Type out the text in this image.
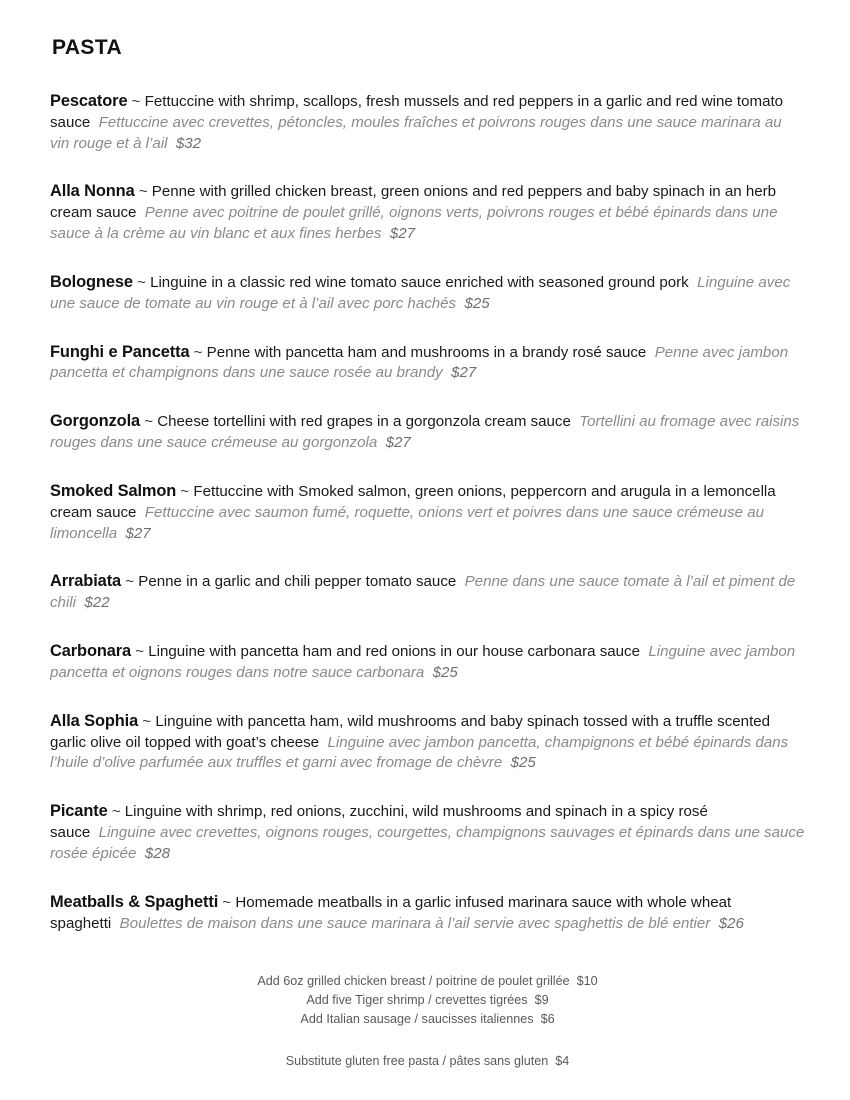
PASTA
Pescatore ~ Fettuccine with shrimp, scallops, fresh mussels and red peppers in a garlic and red wine tomato sauce Fettuccine avec crevettes, pétoncles, moules fraîches et poivrons rouges dans une sauce marinara au vin rouge et à l’ail $32
Alla Nonna ~ Penne with grilled chicken breast, green onions and red peppers and baby spinach in an herb cream sauce Penne avec poitrine de poulet grillé, oignons verts, poivrons rouges et bébé épinards dans une sauce à la crème au vin blanc et aux fines herbes $27
Bolognese ~ Linguine in a classic red wine tomato sauce enriched with seasoned ground pork Linguine avec une sauce de tomate au vin rouge et à l’ail avec porc hachés $25
Funghi e Pancetta ~ Penne with pancetta ham and mushrooms in a brandy rosé sauce Penne avec jambon pancetta et champignons dans une sauce rosée au brandy $27
Gorgonzola ~ Cheese tortellini with red grapes in a gorgonzola cream sauce Tortellini au fromage avec raisins rouges dans une sauce crémeuse au gorgonzola $27
Smoked Salmon ~ Fettuccine with Smoked salmon, green onions, peppercorn and arugula in a lemoncella cream sauce Fettuccine avec saumon fumé, roquette, onions vert et poivres dans une sauce crémeuse au limoncella $27
Arrabiata ~ Penne in a garlic and chili pepper tomato sauce Penne dans une sauce tomate à l’ail et piment de chili $22
Carbonara ~ Linguine with pancetta ham and red onions in our house carbonara sauce Linguine avec jambon pancetta et oignons rouges dans notre sauce carbonara $25
Alla Sophia ~ Linguine with pancetta ham, wild mushrooms and baby spinach tossed with a truffle scented garlic olive oil topped with goat’s cheese Linguine avec jambon pancetta, champignons et bébé épinards dans l’huile d’olive parfumée aux truffles et garni avec fromage de chèvre $25
Picante ~ Linguine with shrimp, red onions, zucchini, wild mushrooms and spinach in a spicy rosé sauce Linguine avec crevettes, oignons rouges, courgettes, champignons sauvages et épinards dans une sauce rosée épicée $28
Meatballs & Spaghetti ~ Homemade meatballs in a garlic infused marinara sauce with whole wheat spaghetti Boulettes de maison dans une sauce marinara à l’ail servie avec spaghettis de blé entier $26
Add 6oz grilled chicken breast / poitrine de poulet grillée $10
Add five Tiger shrimp / crevettes tigrées $9
Add Italian sausage / saucisses italiennes $6
Substitute gluten free pasta / pâtes sans gluten $4
